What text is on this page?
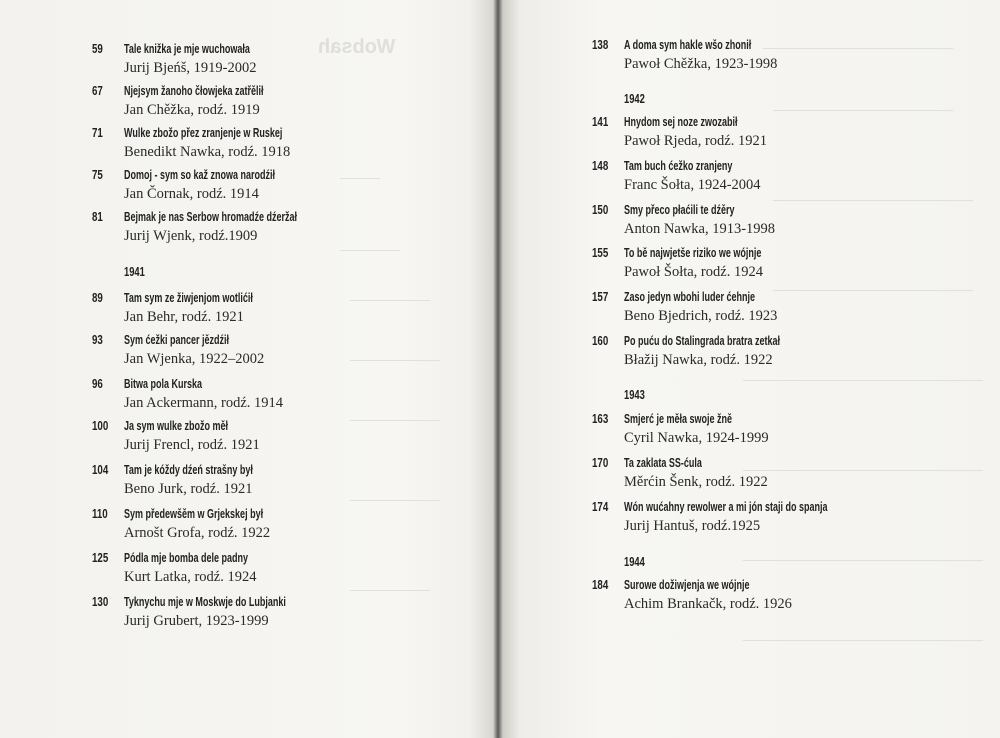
Wobsah
59	Tale knižka je mje wuchowała
Jurij Bjeńš, 1919-2002
67	Njejsym žanoho čłowjeka zatřělił
Jan Chěžka, rodź. 1919
71	Wulke zbožo přez zranjenje w Ruskej
Benedikt Nawka, rodź. 1918
75	Domoj - sym so kaž znowa narodźił
Jan Čornak, rodź. 1914
81	Bejmak je nas Serbow hromadźe dźeržał
Jurij Wjenk, rodź.1909
1941
89	Tam sym ze žiwjenjom wotlićił
Jan Behr, rodź. 1921
93	Sym ćežki pancer jězdźił
Jan Wjenka, 1922–2002
96	Bitwa pola Kurska
Jan Ackermann, rodź. 1914
100	Ja sym wulke zbožo měł
Jurij Frencl, rodź. 1921
104	Tam je kóždy dźeń strašny był
Beno Jurk, rodź. 1921
110	Sym předewšěm w Grjekskej był
Arnošt Grofa, rodź. 1922
125	Pódla mje bomba dele padny
Kurt Latka, rodź. 1924
130	Tyknychu mje w Moskwje do Lubjanki
Jurij Grubert, 1923-1999
138	A doma sym hakle wšo zhonił
Pawoł Chěžka, 1923-1998
1942
141	Hnydom sej noze zwozabił
Pawoł Rjeda, rodź. 1921
148	Tam buch ćežko zranjeny
Franc Šołta, 1924-2004
150	Smy přeco płaćili te dźěry
Anton Nawka, 1913-1998
155	To bě najwjetše riziko we wójnje
Pawoł Šołta, rodź. 1924
157	Zaso jedyn wbohi luder ćehnje
Beno Bjedrich, rodź. 1923
160	Po puću do Stalingrada bratra zetkał
Błažij Nawka, rodź. 1922
1943
163	Smjerć je měła swoje žně
Cyril Nawka, 1924-1999
170	Ta zaklata SS-ćula
Měrćin Šenk, rodź. 1922
174	Wón wućahny rewolwer a mi jón staji do spanja
Jurij Hantuš, rodź.1925
1944
184	Surowe dožiwjenja we wójnje
Achim Brankačk, rodź. 1926
